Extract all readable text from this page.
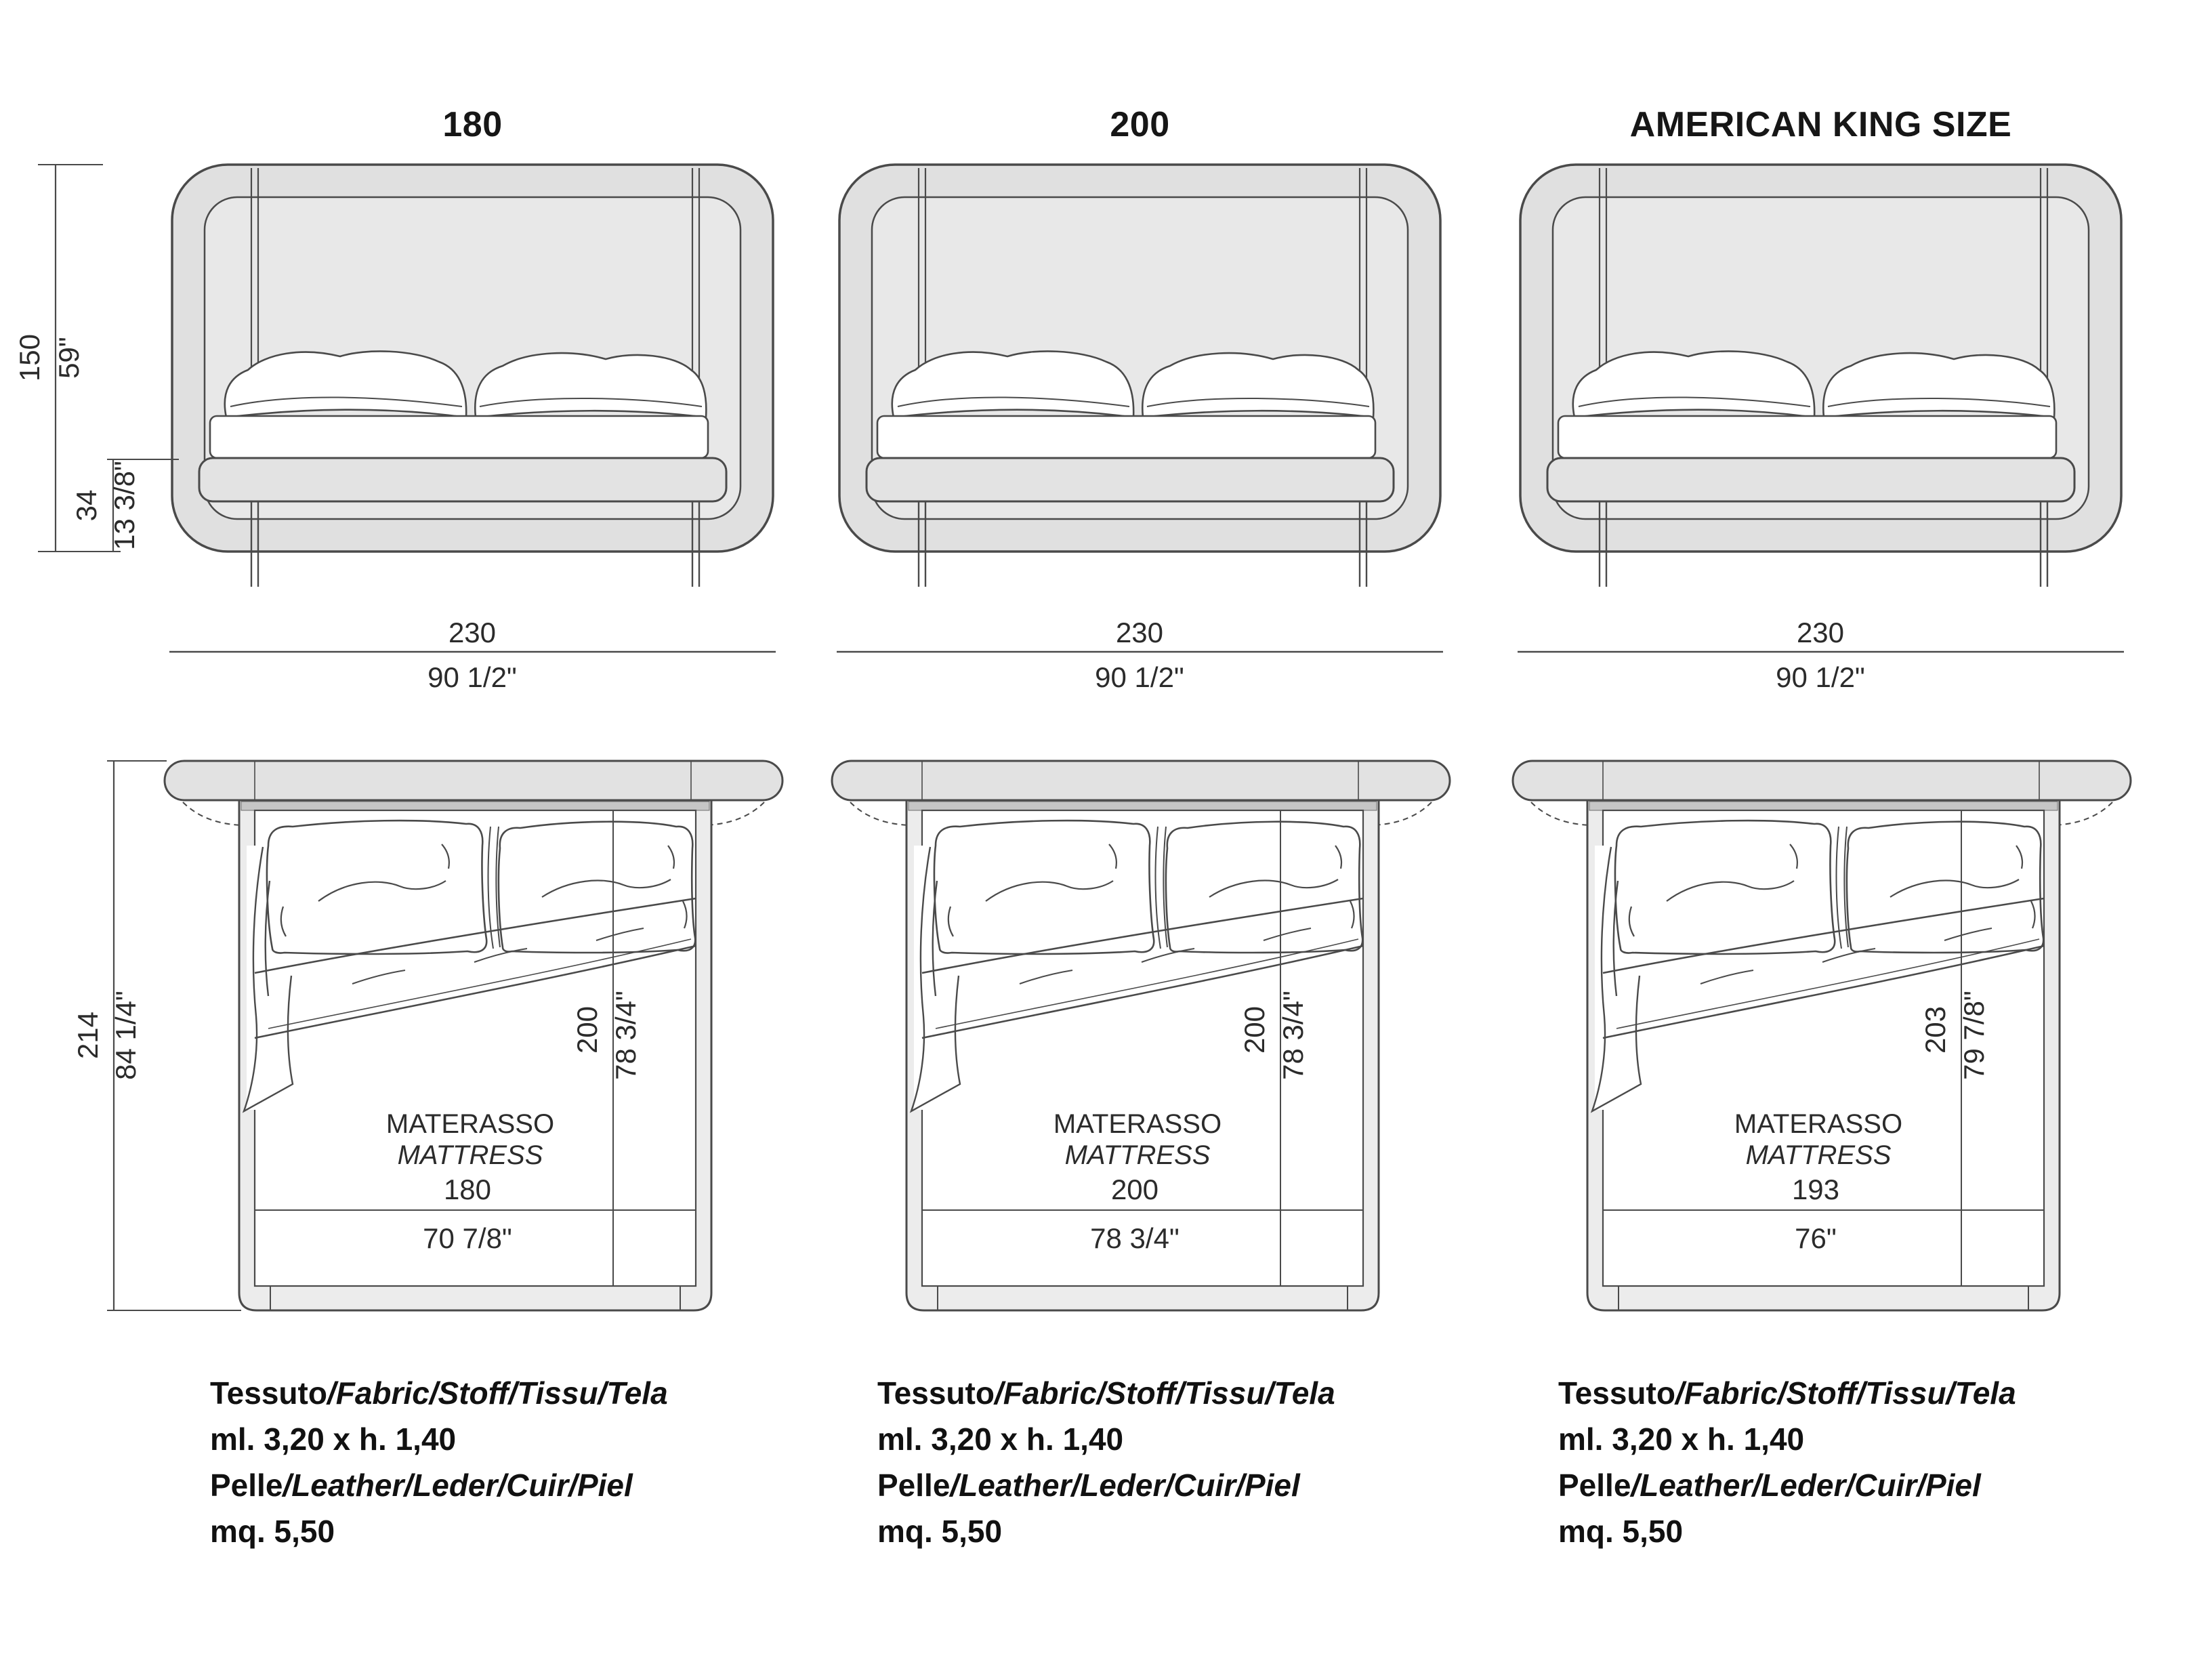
230
90 1/2"
200 78 3/4"
MATERASSO
MATTRESS
180
70 7/8"
150 59"
34 13 3/8"
214 84 1/4"
230
90 1/2"
200 78 3/4"
MATERASSO
MATTRESS
200
78 3/4"
230
90 1/2"
203 79 7/8"
MATERASSO
MATTRESS
193
76"
180	200	AMERICAN KING SIZE
Tessuto/Fabric/Stoff/Tissu/Tela
ml. 3,20 x h. 1,40
Pelle/Leather/Leder/Cuir/Piel
mq. 5,50
Tessuto/Fabric/Stoff/Tissu/Tela
ml. 3,20 x h. 1,40
Pelle/Leather/Leder/Cuir/Piel
mq. 5,50
Tessuto/Fabric/Stoff/Tissu/Tela
ml. 3,20 x h. 1,40
Pelle/Leather/Leder/Cuir/Piel
mq. 5,50
